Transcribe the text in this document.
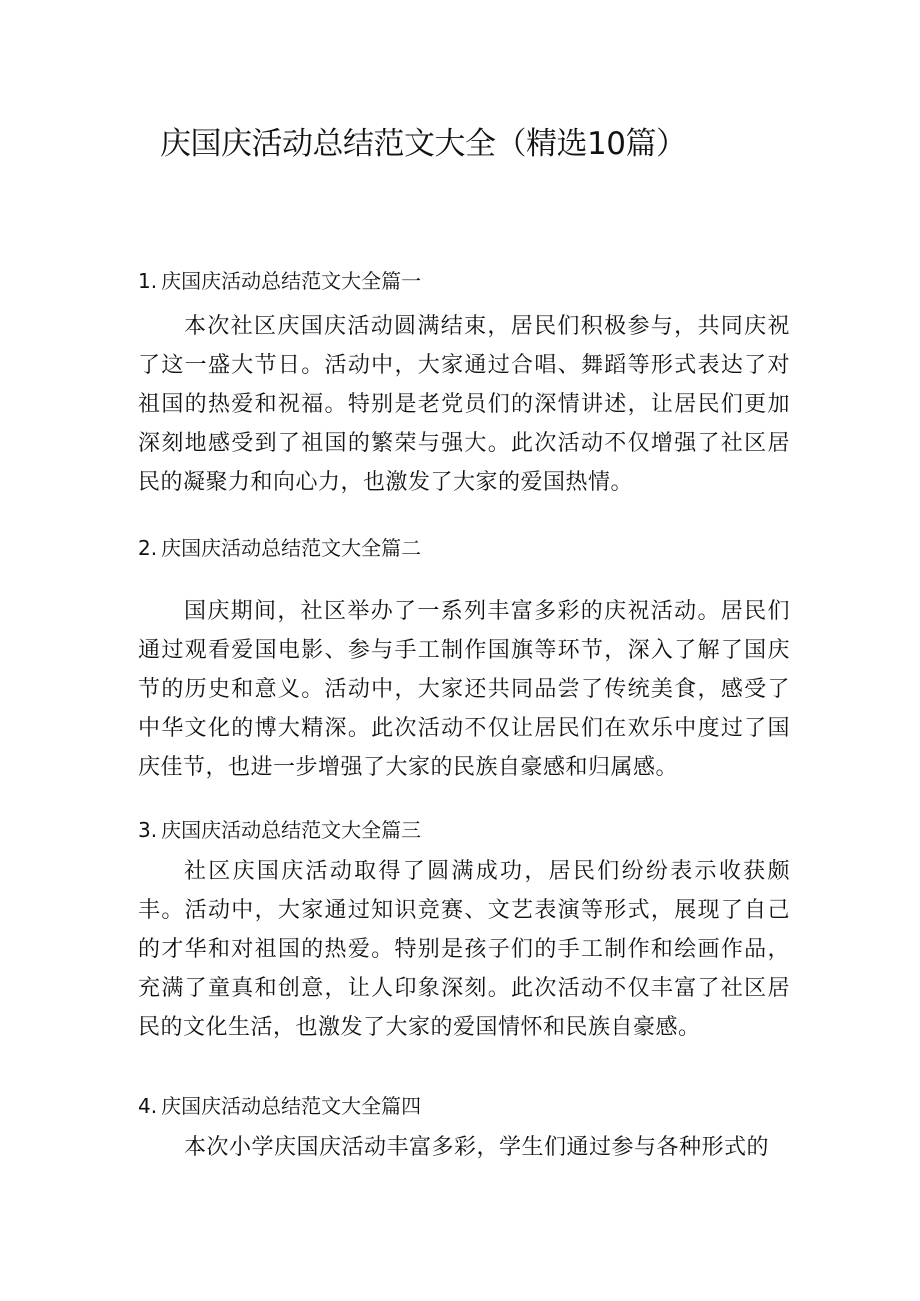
庆国庆活动总结范文大全（精选10篇）
1. 庆国庆活动总结范文大全篇一

本次社区庆国庆活动圆满结束，居民们积极参与，共同庆祝了这一盛大节日。活动中，大家通过合唱、舞蹈等形式表达了对祖国的热爱和祝福。特别是老党员们的深情讲述，让居民们更加深刻地感受到了祖国的繁荣与强大。此次活动不仅增强了社区居民的凝聚力和向心力，也激发了大家的爱国热情。

2. 庆国庆活动总结范文大全篇二

国庆期间，社区举办了一系列丰富多彩的庆祝活动。居民们通过观看爱国电影、参与手工制作国旗等环节，深入了解了国庆节的历史和意义。活动中，大家还共同品尝了传统美食，感受了中华文化的博大精深。此次活动不仅让居民们在欢乐中度过了国庆佳节，也进一步增强了大家的民族自豪感和归属感。

3. 庆国庆活动总结范文大全篇三

社区庆国庆活动取得了圆满成功，居民们纷纷表示收获颇丰。活动中，大家通过知识竞赛、文艺表演等形式，展现了自己的才华和对祖国的热爱。特别是孩子们的手工制作和绘画作品，充满了童真和创意，让人印象深刻。此次活动不仅丰富了社区居民的文化生活，也激发了大家的爱国情怀和民族自豪感。

4. 庆国庆活动总结范文大全篇四

本次小学庆国庆活动丰富多彩，学生们通过参与各种形式的
